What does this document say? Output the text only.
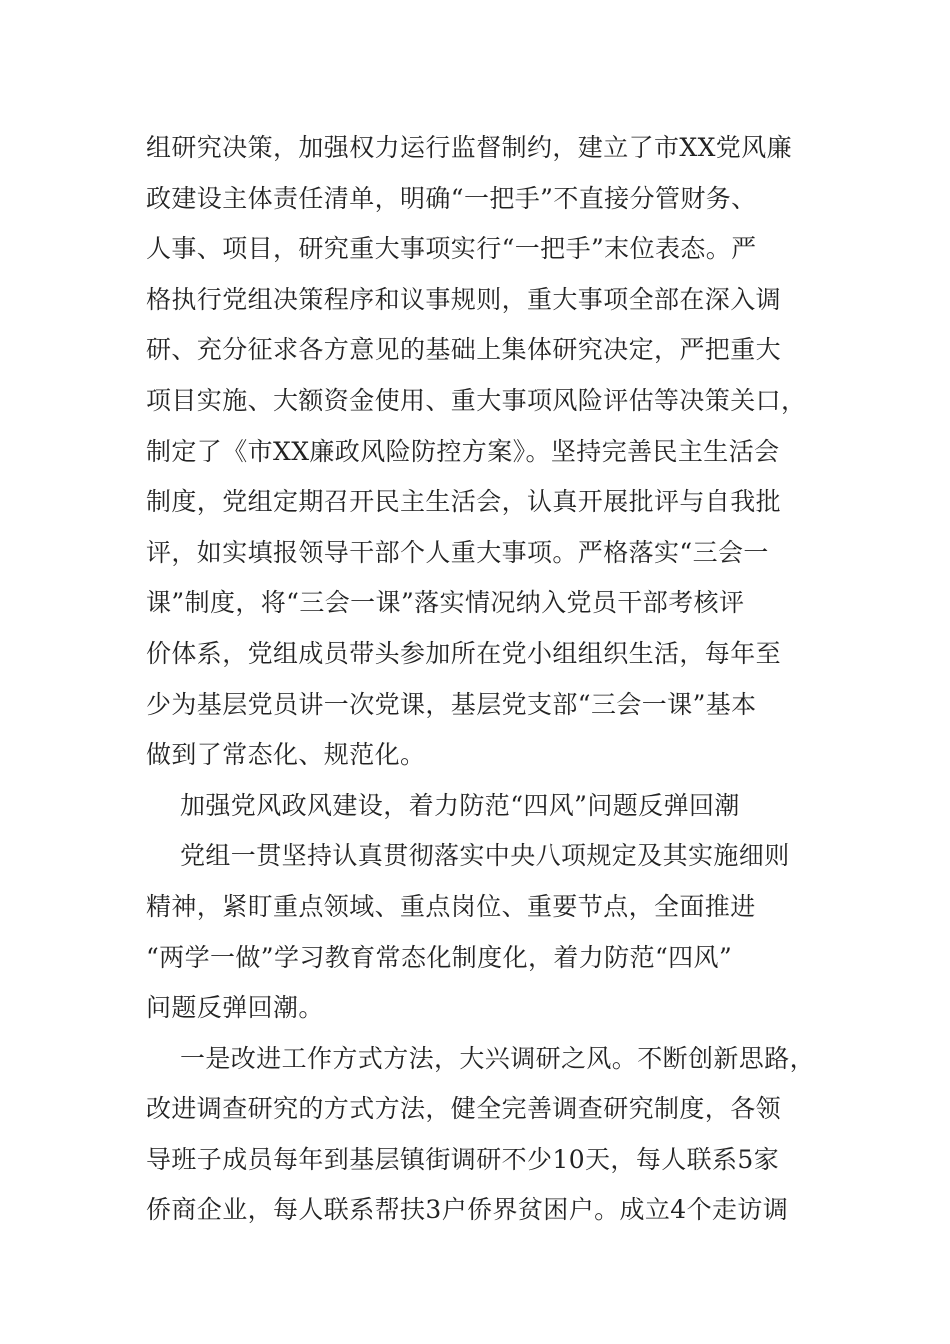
组研究决策，加强权力运行监督制约，建立了市XX党风廉
政建设主体责任清单，明确“一把手”不直接分管财务、
人事、项目，研究重大事项实行“一把手”末位表态。严
格执行党组决策程序和议事规则，重大事项全部在深入调
研、充分征求各方意见的基础上集体研究决定，严把重大
项目实施、大额资金使用、重大事项风险评估等决策关口，
制定了《市XX廉政风险防控方案》。坚持完善民主生活会
制度，党组定期召开民主生活会，认真开展批评与自我批
评，如实填报领导干部个人重大事项。严格落实“三会一
课”制度，将“三会一课”落实情况纳入党员干部考核评
价体系，党组成员带头参加所在党小组组织生活，每年至
少为基层党员讲一次党课，基层党支部“三会一课”基本
做到了常态化、规范化。
加强党风政风建设，着力防范“四风”问题反弹回潮
党组一贯坚持认真贯彻落实中央八项规定及其实施细则
精神，紧盯重点领域、重点岗位、重要节点，全面推进
“两学一做”学习教育常态化制度化，着力防范“四风”
问题反弹回潮。
一是改进工作方式方法，大兴调研之风。不断创新思路，
改进调查研究的方式方法，健全完善调查研究制度，各领
导班子成员每年到基层镇街调研不少10天，每人联系5家
侨商企业，每人联系帮扶3户侨界贫困户。成立4个走访调
